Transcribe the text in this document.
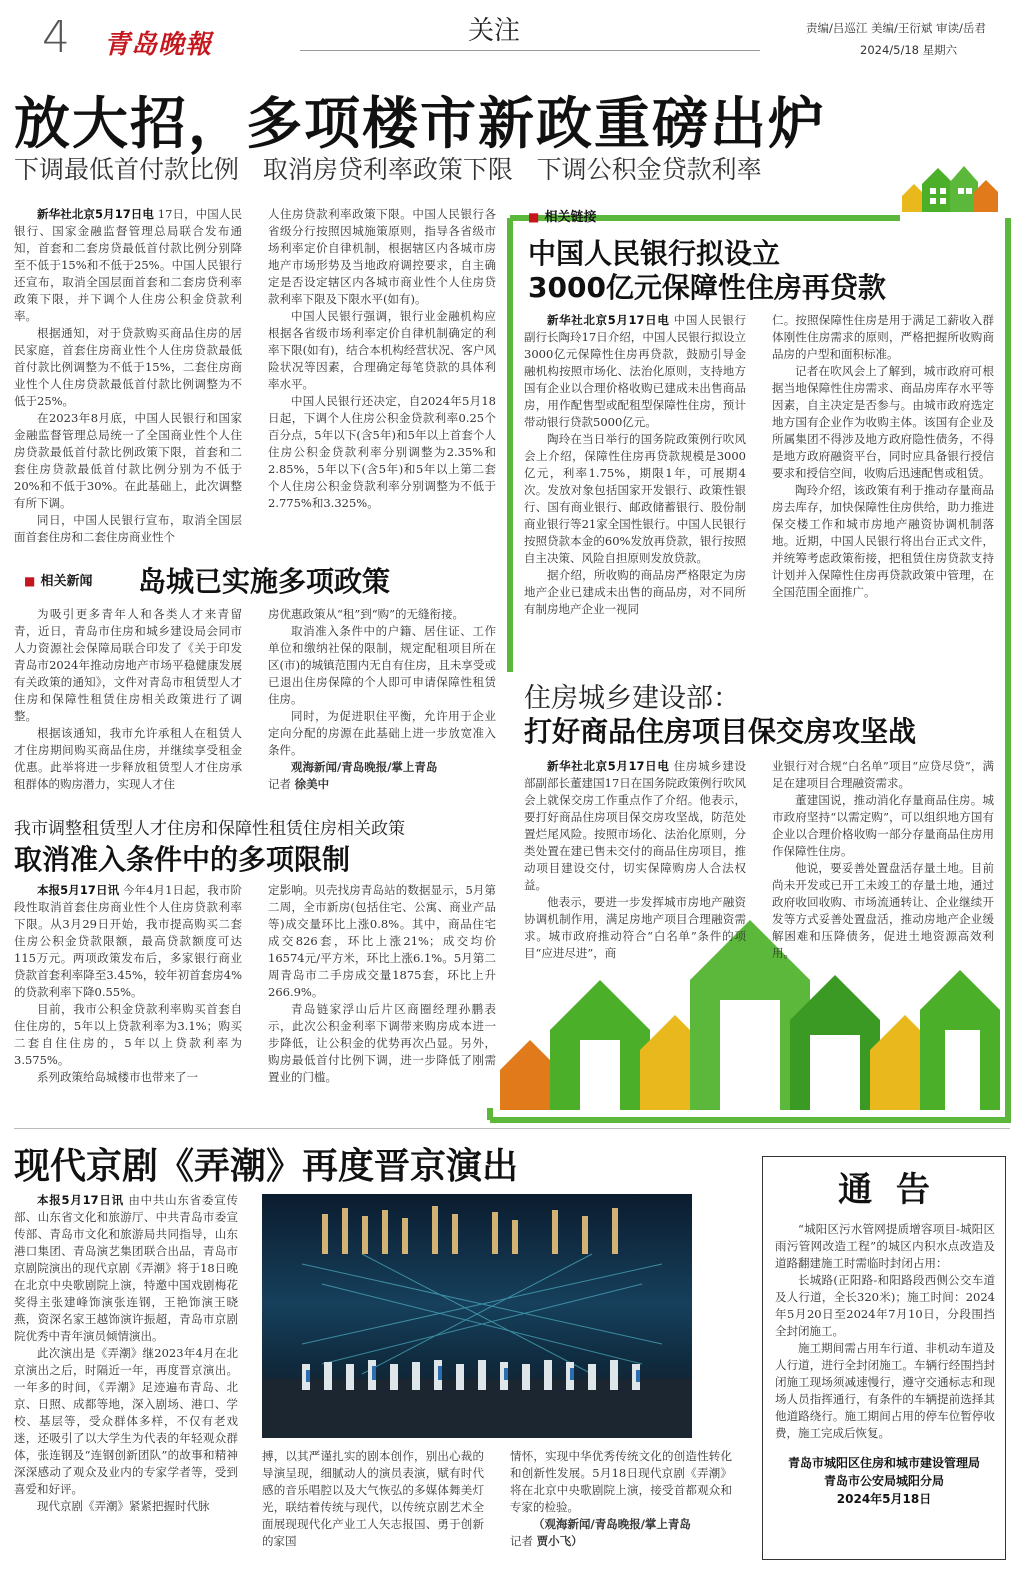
4 青岛晚報	关注	责编/吕巡江 美编/王衍斌 审读/岳君
2024/5/18 星期六
放大招，多项楼市新政重磅出炉
下调最低首付款比例   取消房贷利率政策下限   下调公积金贷款利率

新华社北京5月17日电 17日，中国人民银行、国家金融监督管理总局联合发布通知，首套和二套房贷最低首付款比例分别降至不低于15%和不低于25%。中国人民银行还宣布，取消全国层面首套和二套房贷利率政策下限，并下调个人住房公积金贷款利率。

根据通知，对于贷款购买商品住房的居民家庭，首套住房商业性个人住房贷款最低首付款比例调整为不低于15%，二套住房商业性个人住房贷款最低首付款比例调整为不低于25%。

在2023年8月底，中国人民银行和国家金融监督管理总局统一了全国商业性个人住房贷款最低首付款比例政策下限，首套和二套住房贷款最低首付款比例分别为不低于20%和不低于30%。在此基础上，此次调整有所下调。

同日，中国人民银行宣布，取消全国层面首套住房和二套住房商业性个

人住房贷款利率政策下限。中国人民银行各省级分行按照因城施策原则，指导各省级市场利率定价自律机制，根据辖区内各城市房地产市场形势及当地政府调控要求，自主确定是否设定辖区内各城市商业性个人住房贷款利率下限及下限水平(如有)。

中国人民银行强调，银行业金融机构应根据各省级市场利率定价自律机制确定的利率下限(如有)，结合本机构经营状况、客户风险状况等因素，合理确定每笔贷款的具体利率水平。

中国人民银行还决定，自2024年5月18日起，下调个人住房公积金贷款利率0.25个百分点，5年以下(含5年)和5年以上首套个人住房公积金贷款利率分别调整为2.35%和2.85%，5年以下(含5年)和5年以上第二套个人住房公积金贷款利率分别调整为不低于2.775%和3.325%。

■ 相关链接
中国人民银行拟设立
3000亿元保障性住房再贷款

新华社北京5月17日电 中国人民银行副行长陶玲17日介绍，中国人民银行拟设立3000亿元保障性住房再贷款，鼓励引导金融机构按照市场化、法治化原则，支持地方国有企业以合理价格收购已建成未出售商品房，用作配售型或配租型保障性住房，预计带动银行贷款5000亿元。

陶玲在当日举行的国务院政策例行吹风会上介绍，保障性住房再贷款规模是3000亿元，利率1.75%，期限1年，可展期4次。发放对象包括国家开发银行、政策性银行、国有商业银行、邮政储蓄银行、股份制商业银行等21家全国性银行。中国人民银行按照贷款本金的60%发放再贷款，银行按照自主决策、风险自担原则发放贷款。

据介绍，所收购的商品房严格限定为房地产企业已建成未出售的商品房，对不同所有制房地产企业一视同

仁。按照保障性住房是用于满足工薪收入群体刚性住房需求的原则，严格把握所收购商品房的户型和面积标准。

记者在吹风会上了解到，城市政府可根据当地保障性住房需求、商品房库存水平等因素，自主决定是否参与。由城市政府选定地方国有企业作为收购主体。该国有企业及所属集团不得涉及地方政府隐性债务，不得是地方政府融资平台，同时应具备银行授信要求和授信空间，收购后迅速配售或租赁。

陶玲介绍，该政策有利于推动存量商品房去库存，加快保障性住房供给，助力推进保交楼工作和城市房地产融资协调机制落地。近期，中国人民银行将出台正式文件，并统筹考虑政策衔接，把租赁住房贷款支持计划并入保障性住房再贷款政策中管理，在全国范围全面推广。

■ 相关新闻 岛城已实施多项政策

为吸引更多青年人和各类人才来青留青，近日，青岛市住房和城乡建设局会同市人力资源社会保障局联合印发了《关于印发青岛市2024年推动房地产市场平稳健康发展有关政策的通知》，文件对青岛市租赁型人才住房和保障性租赁住房相关政策进行了调整。

根据该通知，我市允许承租人在租赁人才住房期间购买商品住房，并继续享受租金优惠。此举将进一步释放租赁型人才住房承租群体的购房潜力，实现人才住

房优惠政策从“租”到“购”的无缝衔接。

取消准入条件中的户籍、居住证、工作单位和缴纳社保的限制，规定配租项目所在区(市)的城镇范围内无自有住房，且未享受或已退出住房保障的个人即可申请保障性租赁住房。

同时，为促进职住平衡，允许用于企业定向分配的房源在此基础上进一步放宽准入条件。

观海新闻/青岛晚报/掌上青岛

记者 徐美中
我市调整租赁型人才住房和保障性租赁住房相关政策
取消准入条件中的多项限制

本报5月17日讯 今年4月1日起，我市阶段性取消首套住房商业性个人住房贷款利率下限。从3月29日开始，我市提高购买二套住房公积金贷款限额，最高贷款额度可达115万元。两项政策发布后，多家银行商业贷款首套利率降至3.45%，较年初首套房4%的贷款利率下降0.55%。

目前，我市公积金贷款利率购买首套自住住房的，5年以上贷款利率为3.1%；购买二套自住住房的，5年以上贷款利率为3.575%。

系列政策给岛城楼市也带来了一

定影响。贝壳找房青岛站的数据显示，5月第二周，全市新房(包括住宅、公寓、商业产品等)成交量环比上涨0.8%。其中，商品住宅成交826套，环比上涨21%；成交均价16574元/平方米，环比上涨6.1%。5月第二周青岛市二手房成交量1875套，环比上升266.9%。

青岛链家浮山后片区商圈经理孙鹏表示，此次公积金利率下调带来购房成本进一步降低，让公积金的优势再次凸显。另外，购房最低首付比例下调，进一步降低了刚需置业的门槛。

住房城乡建设部：
打好商品住房项目保交房攻坚战

新华社北京5月17日电 住房城乡建设部副部长董建国17日在国务院政策例行吹风会上就保交房工作重点作了介绍。他表示，要打好商品住房项目保交房攻坚战，防范处置烂尾风险。按照市场化、法治化原则，分类处置在建已售未交付的商品住房项目，推动项目建设交付，切实保障购房人合法权益。

他表示，要进一步发挥城市房地产融资协调机制作用，满足房地产项目合理融资需求。城市政府推动符合“白名单”条件的项目“应进尽进”，商

业银行对合规“白名单”项目“应贷尽贷”，满足在建项目合理融资需求。

董建国说，推动消化存量商品住房。城市政府坚持“以需定购”，可以组织地方国有企业以合理价格收购一部分存量商品住房用作保障性住房。

他说，要妥善处置盘活存量土地。目前尚未开发或已开工未竣工的存量土地，通过政府收回收购、市场流通转让、企业继续开发等方式妥善处置盘活，推动房地产企业缓解困难和压降债务，促进土地资源高效利用。

现代京剧《弄潮》再度晋京演出

本报5月17日讯 由中共山东省委宣传部、山东省文化和旅游厅、中共青岛市委宣传部、青岛市文化和旅游局共同指导，山东港口集团、青岛演艺集团联合出品，青岛市京剧院演出的现代京剧《弄潮》将于18日晚在北京中央歌剧院上演，特邀中国戏剧梅花奖得主张建峰饰演张连钢，王艳饰演王晓燕，资深名家王越饰演许振超，青岛市京剧院优秀中青年演员倾情演出。

此次演出是《弄潮》继2023年4月在北京演出之后，时隔近一年，再度晋京演出。一年多的时间，《弄潮》足迹遍布青岛、北京、日照、成都等地，深入剧场、港口、学校、基层等，受众群体多样，不仅有老戏迷，还吸引了以大学生为代表的年轻观众群体，张连钢及“连钢创新团队”的故事和精神深深感动了观众及业内的专家学者等，受到喜爱和好评。

现代京剧《弄潮》紧紧把握时代脉

搏，以其严谨扎实的剧本创作，别出心裁的导演呈现，细腻动人的演员表演，赋有时代感的音乐唱腔以及大气恢弘的多媒体舞美灯光，联结着传统与现代，以传统京剧艺术全面展现现代化产业工人矢志报国、勇于创新的家国

情怀，实现中华优秀传统文化的创造性转化和创新性发展。5月18日现代京剧《弄潮》将在北京中央歌剧院上演，接受首都观众和专家的检验。

（观海新闻/青岛晚报/掌上青岛

记者 贾小飞）
通  告

“城阳区污水管网提质增容项目-城阳区雨污管网改造工程”的城区内积水点改造及道路翻建施工时需临时封闭占用：

长城路(正阳路-和阳路段西侧公交车道及人行道，全长320米)；施工时间：2024年5月20日至2024年7月10日，分段围挡全封闭施工。

施工期间需占用车行道、非机动车道及人行道，进行全封闭施工。车辆行经围挡封闭施工现场须减速慢行，遵守交通标志和现场人员指挥通行，有条件的车辆提前选择其他道路绕行。施工期间占用的停车位暂停收费，施工完成后恢复。

青岛市城阳区住房和城市建设管理局
青岛市公安局城阳分局
2024年5月18日
